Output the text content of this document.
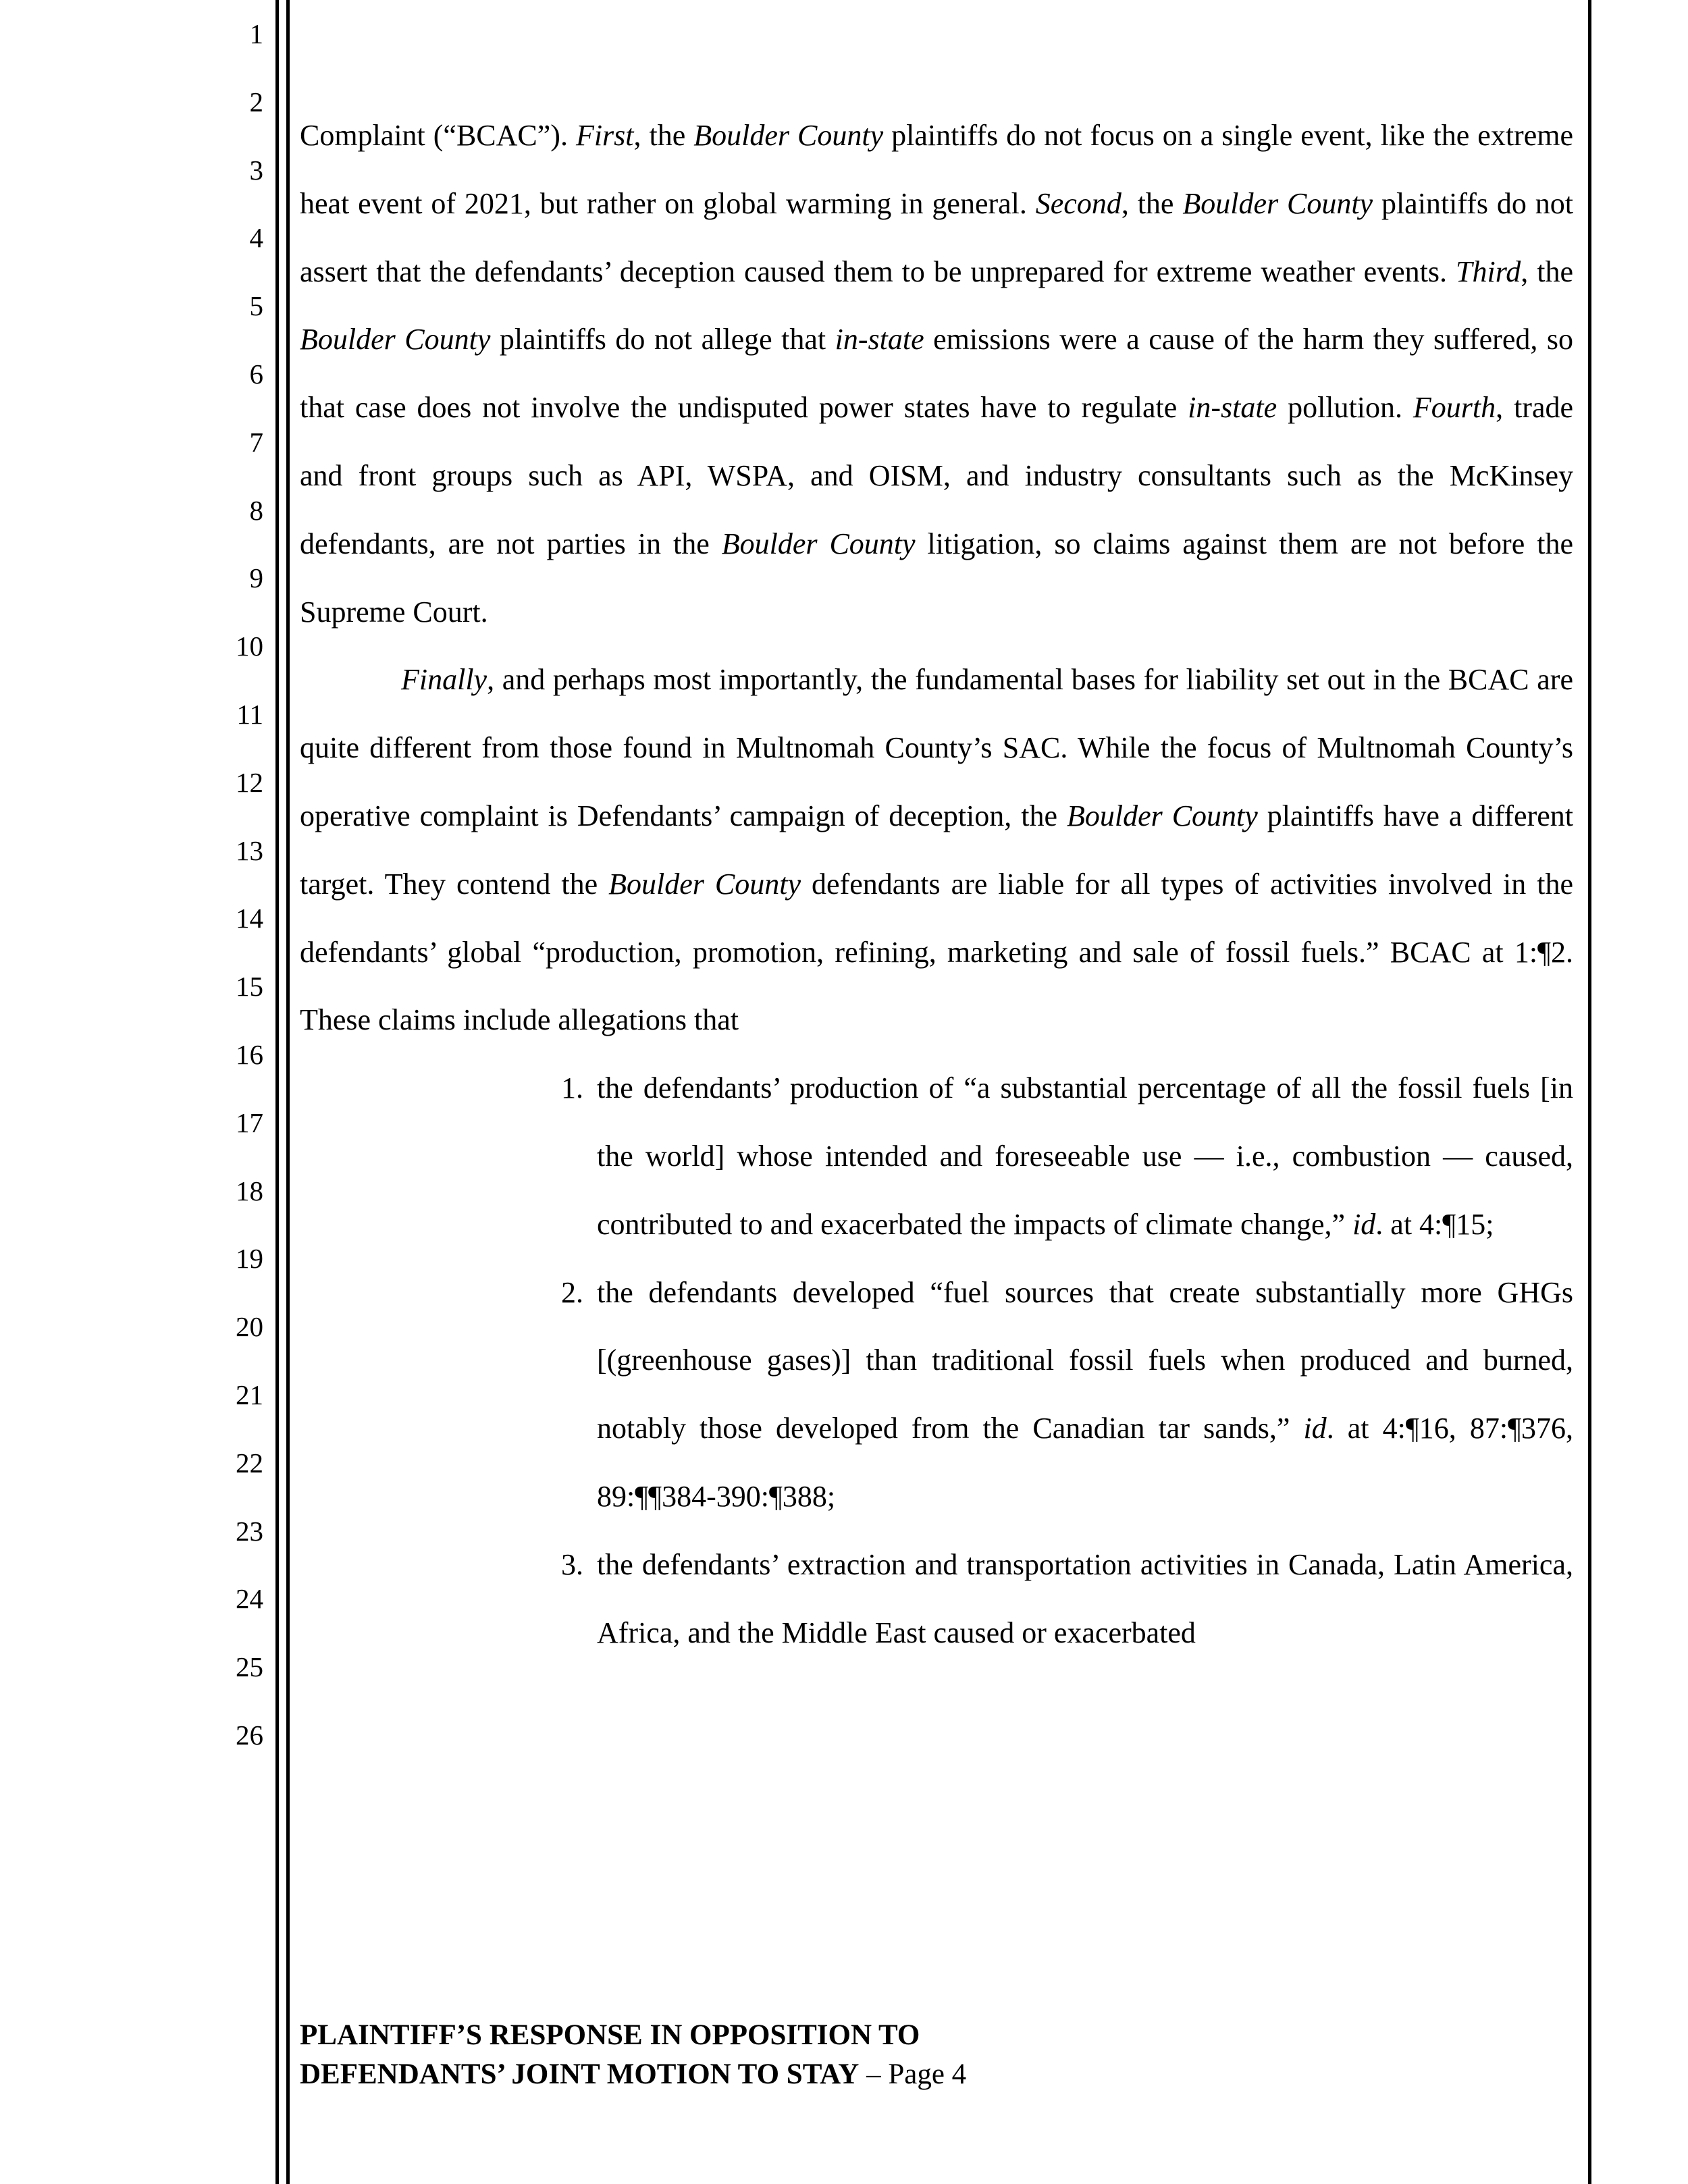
1
2
3
4
5
6
7
8
9
10
11
12
13
14
15
16
17
18
19
20
21
22
23
24
25
26

Complaint (“BCAC”). First, the Boulder County plaintiffs do not focus on a single event, like the extreme heat event of 2021, but rather on global warming in general. Second, the Boulder County plaintiffs do not assert that the defendants’ deception caused them to be unprepared for extreme weather events. Third, the Boulder County plaintiffs do not allege that in-state emissions were a cause of the harm they suffered, so that case does not involve the undisputed power states have to regulate in-state pollution. Fourth, trade and front groups such as API, WSPA, and OISM, and industry consultants such as the McKinsey defendants, are not parties in the Boulder County litigation, so claims against them are not before the Supreme Court.

Finally, and perhaps most importantly, the fundamental bases for liability set out in the BCAC are quite different from those found in Multnomah County’s SAC. While the focus of Multnomah County’s operative complaint is Defendants’ campaign of deception, the Boulder County plaintiffs have a different target. They contend the Boulder County defendants are liable for all types of activities involved in the defendants’ global “production, promotion, refining, marketing and sale of fossil fuels.” BCAC at 1:¶2. These claims include allegations that

1. the defendants’ production of “a substantial percentage of all the fossil fuels [in the world] whose intended and foreseeable use — i.e., combustion — caused, contributed to and exacerbated the impacts of climate change,” id. at 4:¶15;
2. the defendants developed “fuel sources that create substantially more GHGs [(greenhouse gases)] than traditional fossil fuels when produced and burned, notably those developed from the Canadian tar sands,” id. at 4:¶16, 87:¶376, 89:¶¶384-390:¶388;
3. the defendants’ extraction and transportation activities in Canada, Latin America, Africa, and the Middle East caused or exacerbated
PLAINTIFF’S RESPONSE IN OPPOSITION TO
DEFENDANTS’ JOINT MOTION TO STAY – Page 4
